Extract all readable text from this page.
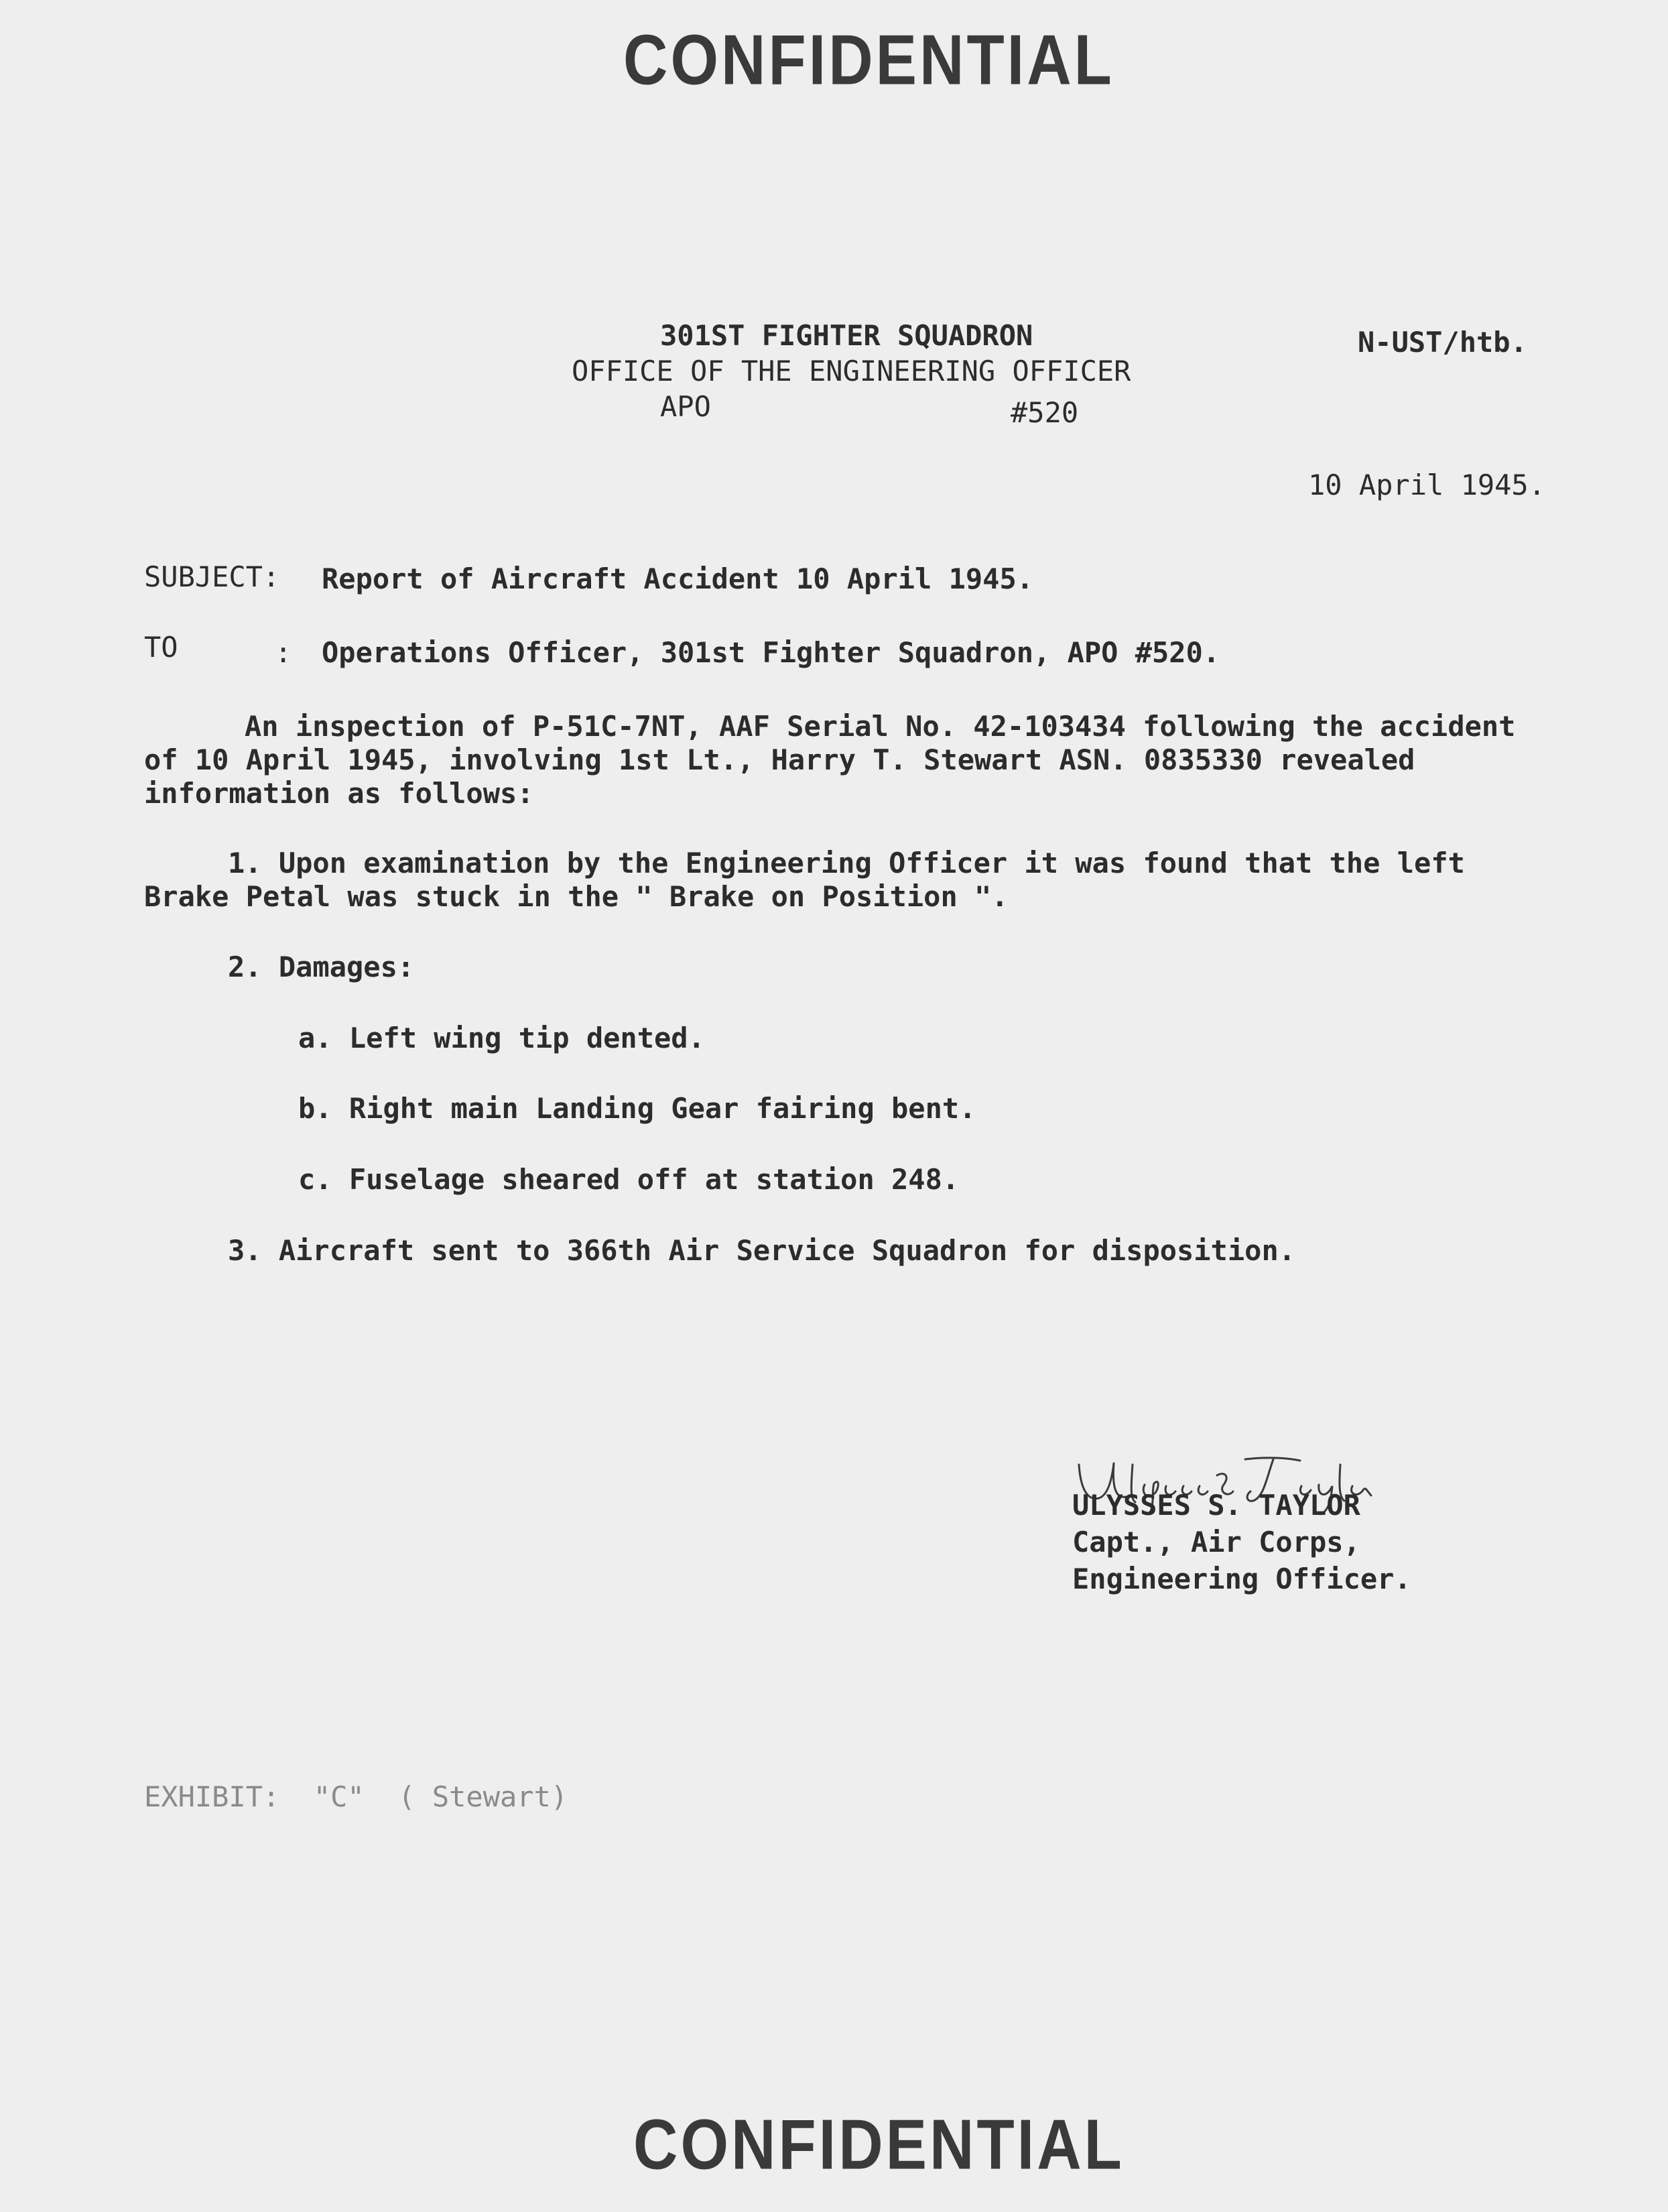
CONFIDENTIAL
301ST FIGHTER SQUADRON
OFFICE OF THE ENGINEERING OFFICER
APO	#520
N-UST/htb.
10 April 1945.
SUBJECT: Report of Aircraft Accident 10 April 1945.
TO	: Operations Officer, 301st Fighter Squadron, APO #520.
An inspection of P-51C-7NT, AAF Serial No. 42-103434 following the accident
of 10 April 1945, involving 1st Lt., Harry T. Stewart ASN. 0835330 revealed
information as follows:
1. Upon examination by the Engineering Officer it was found that the left
Brake Petal was stuck in the " Brake on Position ".
2. Damages:
a. Left wing tip dented.
b. Right main Landing Gear fairing bent.
c. Fuselage sheared off at station 248.
3. Aircraft sent to 366th Air Service Squadron for disposition.
ULYSSES S. TAYLOR
Capt., Air Corps,
Engineering Officer.
EXHIBIT:  "C"  ( Stewart)
CONFIDENTIAL
